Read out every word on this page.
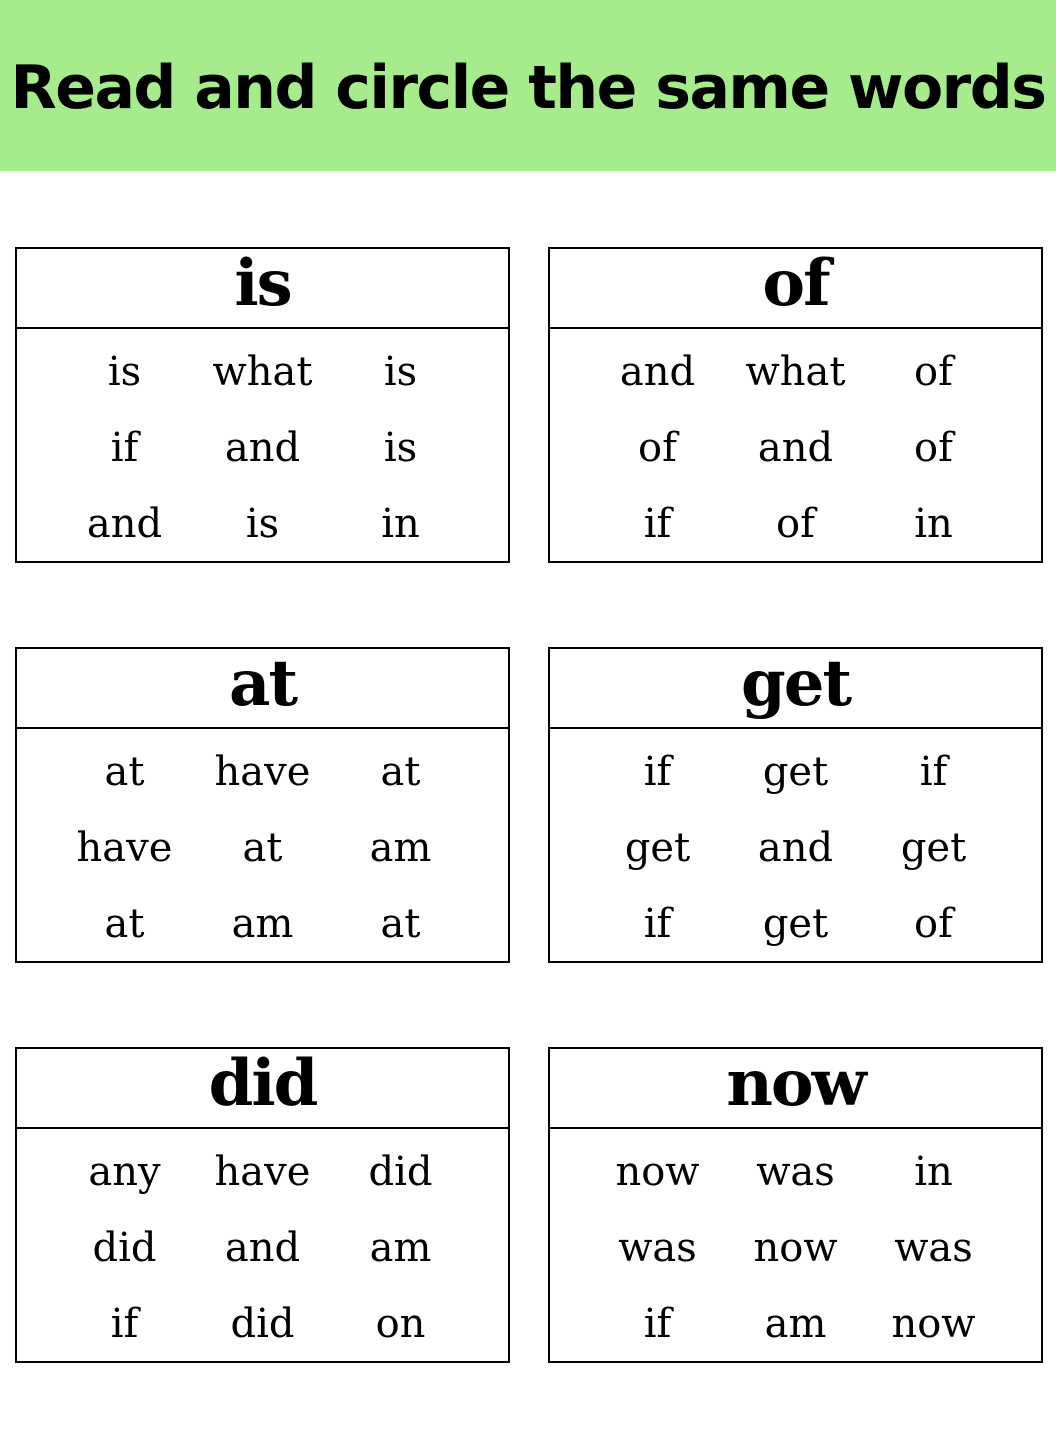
Read and circle the same words
is
is	what	is
if	and	is
and	is	in
of
and	what	of
of	and	of
if	of	in
at
at	have	at
have	at	am
at	am	at
get
if	get	if
get	and	get
if	get	of
did
any	have	did
did	and	am
if	did	on
now
now	was	in
was	now	was
if	am	now
